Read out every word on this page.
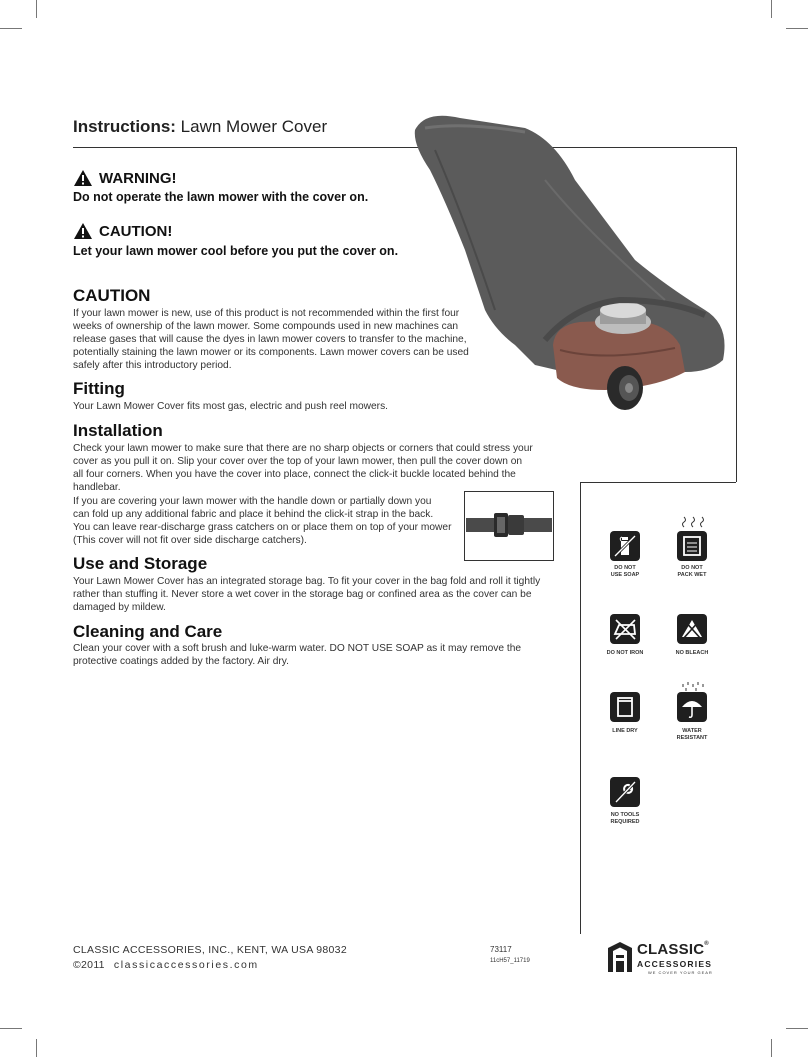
Instructions: Lawn Mower Cover
WARNING!
Do not operate the lawn mower with the cover on.
CAUTION!
Let your lawn mower cool before you put the cover on.
CAUTION
If your lawn mower is new, use of this product is not recommended within the first four
weeks of ownership of the lawn mower. Some compounds used in new machines can
release gases that will cause the dyes in lawn mower covers to transfer to the machine,
potentially staining the lawn mower or its components. Lawn mower covers can be used
safely after this introductory period.
Fitting
Your Lawn Mower Cover fits most gas, electric and push reel mowers.
Installation
Check your lawn mower to make sure that there are no sharp objects or corners that could stress your
cover as you pull it on. Slip your cover over the top of your lawn mower, then pull the cover down on
all four corners. When you have the cover into place, connect the click-it buckle located behind the
handlebar.
If you are covering your lawn mower with the handle down or partially down you
can fold up any additional fabric and place it behind the click-it strap in the back.
You can leave rear-discharge grass catchers on or place them on top of your mower
(This cover will not fit over side discharge catchers).
Use and Storage
Your Lawn Mower Cover has an integrated storage bag. To fit your cover in the bag fold and roll it tightly
rather than stuffing it. Never store a wet cover in the storage bag or confined area as the cover can be
damaged by mildew.
Cleaning and Care
Clean your cover with a soft brush and luke-warm water. DO NOT USE SOAP as it may remove the
protective coatings added by the factory. Air dry.
DO NOT
USE SOAP
DO NOT
PACK WET
DO NOT IRON	NO BLEACH
LINE DRY	WATER
RESISTANT
NO TOOLS
REQUIRED
CLASSIC ACCESSORIES, INC., KENT, WA USA 98032
©2011 classicaccessories.com
73117
11cH57_11719
CLASSIC®
ACCESSORIES
WE COVER YOUR GEAR
